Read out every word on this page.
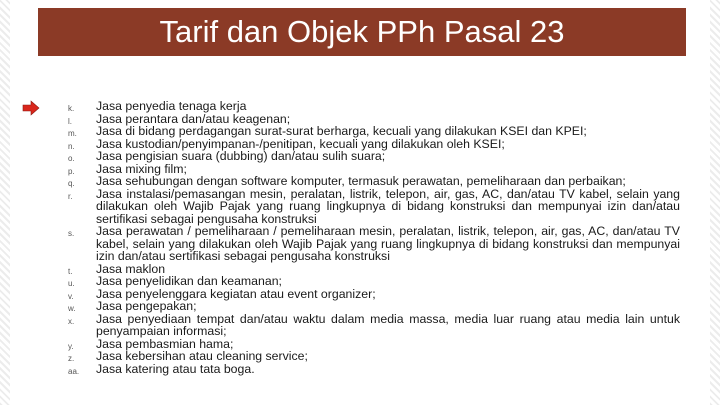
Tarif dan Objek PPh Pasal 23
k.
l.
m.
n.
o.
p.
q.
r.
s.
t.
u.
v.
w.
x.
y.
z.
aa.
Jasa penyedia tenaga kerja
Jasa perantara dan/atau keagenan;
Jasa di bidang perdagangan surat-surat berharga, kecuali yang dilakukan KSEI dan KPEI;
Jasa kustodian/penyimpanan-/penitipan, kecuali yang dilakukan oleh KSEI;
Jasa pengisian suara (dubbing) dan/atau sulih suara;
Jasa mixing film;
Jasa sehubungan dengan software komputer, termasuk perawatan, pemeliharaan dan perbaikan;
Jasa instalasi/pemasangan mesin, peralatan, listrik, telepon, air, gas, AC, dan/atau TV kabel, selain yang dilakukan oleh Wajib Pajak yang ruang lingkupnya di bidang konstruksi dan mempunyai izin dan/atau sertifikasi sebagai pengusaha konstruksi
Jasa perawatan / pemeliharaan / pemeliharaan mesin, peralatan, listrik, telepon, air, gas, AC, dan/atau TV kabel, selain yang dilakukan oleh Wajib Pajak yang ruang lingkupnya di bidang konstruksi dan mempunyai izin dan/atau sertifikasi sebagai pengusaha konstruksi
Jasa maklon
Jasa penyelidikan dan keamanan;
Jasa penyelenggara kegiatan atau event organizer;
Jasa pengepakan;
Jasa penyediaan tempat dan/atau waktu dalam media massa, media luar ruang atau media lain untuk penyampaian informasi;
Jasa pembasmian hama;
Jasa kebersihan atau cleaning service;
Jasa katering atau tata boga.
